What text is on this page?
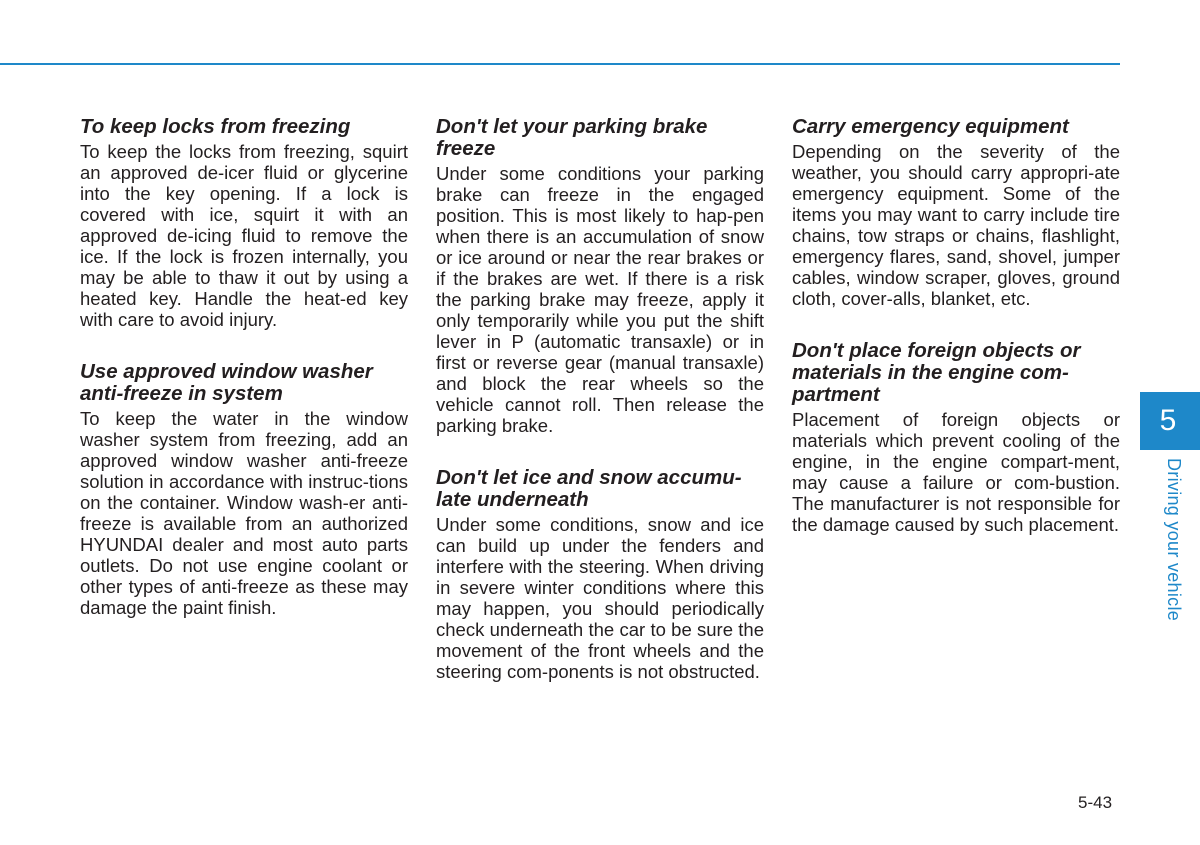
To keep locks from freezing

To keep the locks from freezing, squirt an approved de-icer fluid or glycerine into the key opening. If a lock is covered with ice, squirt it with an approved de-icing fluid to remove the ice. If the lock is frozen internally, you may be able to thaw it out by using a heated key. Handle the heat-ed key with care to avoid injury.

Use approved window washer anti-freeze in system

To keep the water in the window washer system from freezing, add an approved window washer anti-freeze solution in accordance with instruc-tions on the container. Window wash-er anti-freeze is available from an authorized HYUNDAI dealer and most auto parts outlets. Do not use engine coolant or other types of anti-freeze as these may damage the paint finish.

Don't let your parking brake freeze

Under some conditions your parking brake can freeze in the engaged position. This is most likely to hap-pen when there is an accumulation of snow or ice around or near the rear brakes or if the brakes are wet. If there is a risk the parking brake may freeze, apply it only temporarily while you put the shift lever in P (automatic transaxle) or in first or reverse gear (manual transaxle) and block the rear wheels so the vehicle cannot roll. Then release the parking brake.

Don't let ice and snow accumu-late underneath

Under some conditions, snow and ice can build up under the fenders and interfere with the steering. When driving in severe winter conditions where this may happen, you should periodically check underneath the car to be sure the movement of the front wheels and the steering com-ponents is not obstructed.

Carry emergency equipment

Depending on the severity of the weather, you should carry appropri-ate emergency equipment. Some of the items you may want to carry include tire chains, tow straps or chains, flashlight, emergency flares, sand, shovel, jumper cables, window scraper, gloves, ground cloth, cover-alls, blanket, etc.

Don't place foreign objects or materials in the engine com-partment

Placement of foreign objects or materials which prevent cooling of the engine, in the engine compart-ment, may cause a failure or com-bustion. The manufacturer is not responsible for the damage caused by such placement.

5
Driving your vehicle
5-43
